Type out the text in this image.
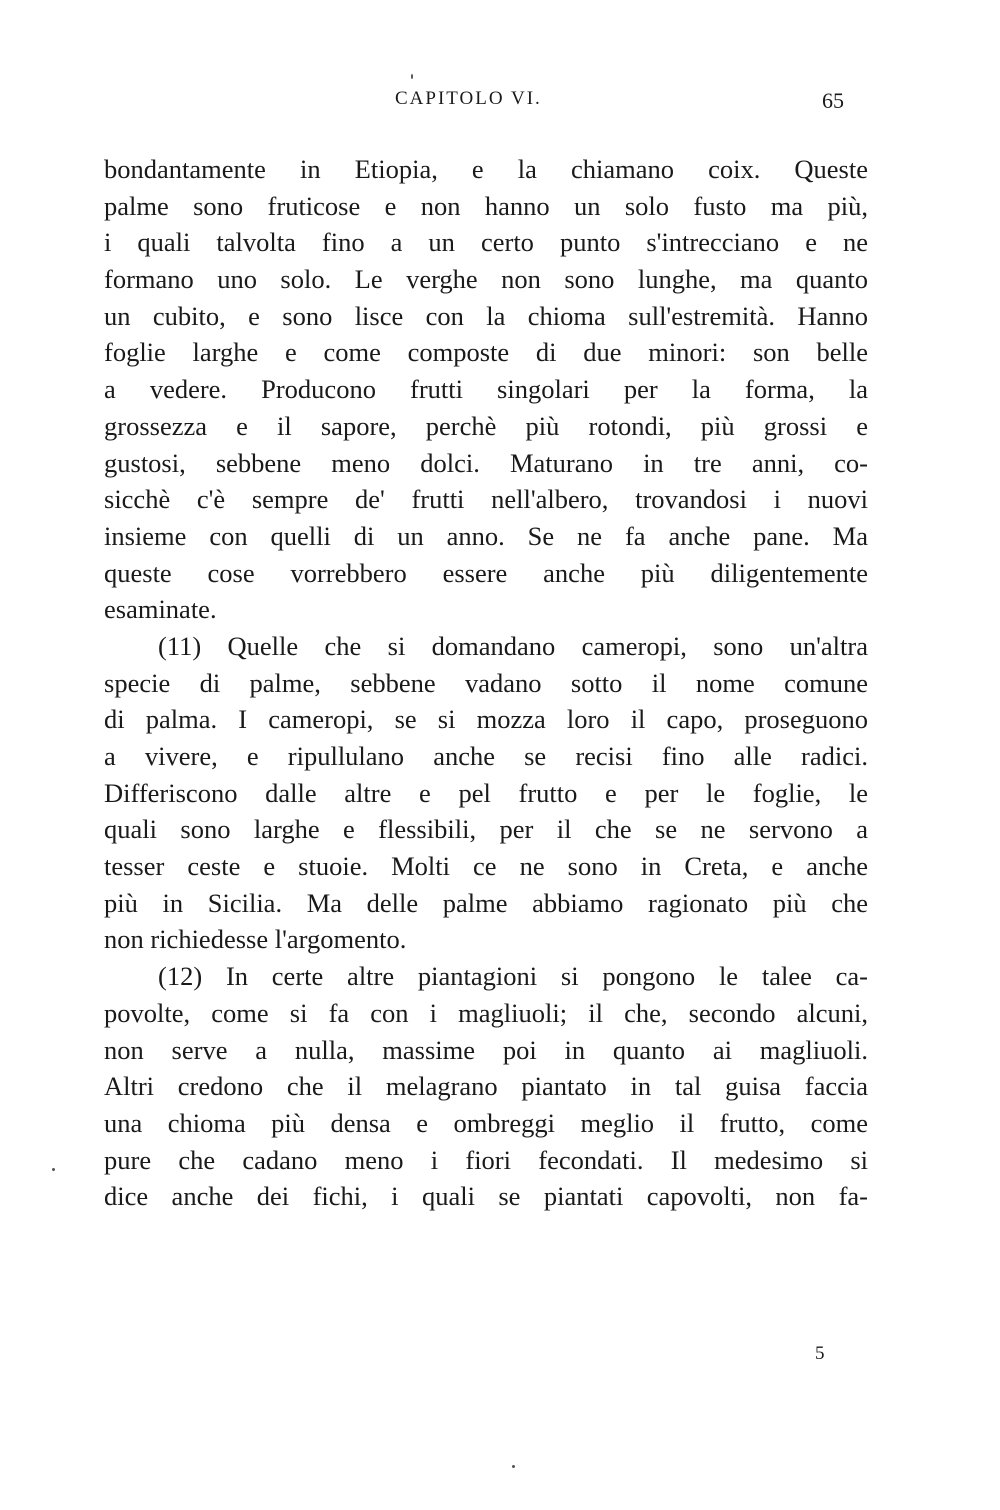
CAPITOLO VI.	65
bondantamente in Etiopia, e la chiamano coix. Queste
palme sono fruticose e non hanno un solo fusto ma più,
i quali talvolta fino a un certo punto s'intrecciano e ne
formano uno solo. Le verghe non sono lunghe, ma quanto
un cubito, e sono lisce con la chioma sull'estremità. Hanno
foglie larghe e come composte di due minori: son belle
a vedere. Producono frutti singolari per la forma, la
grossezza e il sapore, perchè più rotondi, più grossi e
gustosi, sebbene meno dolci. Maturano in tre anni, co-
sicchè c'è sempre de' frutti nell'albero, trovandosi i nuovi
insieme con quelli di un anno. Se ne fa anche pane. Ma
queste cose vorrebbero essere anche più diligentemente
esaminate.
(11) Quelle che si domandano cameropi, sono un'altra
specie di palme, sebbene vadano sotto il nome comune
di palma. I cameropi, se si mozza loro il capo, proseguono
a vivere, e ripullulano anche se recisi fino alle radici.
Differiscono dalle altre e pel frutto e per le foglie, le
quali sono larghe e flessibili, per il che se ne servono a
tesser ceste e stuoie. Molti ce ne sono in Creta, e anche
più in Sicilia. Ma delle palme abbiamo ragionato più che
non richiedesse l'argomento.
(12) In certe altre piantagioni si pongono le talee ca-
povolte, come si fa con i magliuoli; il che, secondo alcuni,
non serve a nulla, massime poi in quanto ai magliuoli.
Altri credono che il melagrano piantato in tal guisa faccia
una chioma più densa e ombreggi meglio il frutto, come
pure che cadano meno i fiori fecondati. Il medesimo si
dice anche dei fichi, i quali se piantati capovolti, non fa-
5
